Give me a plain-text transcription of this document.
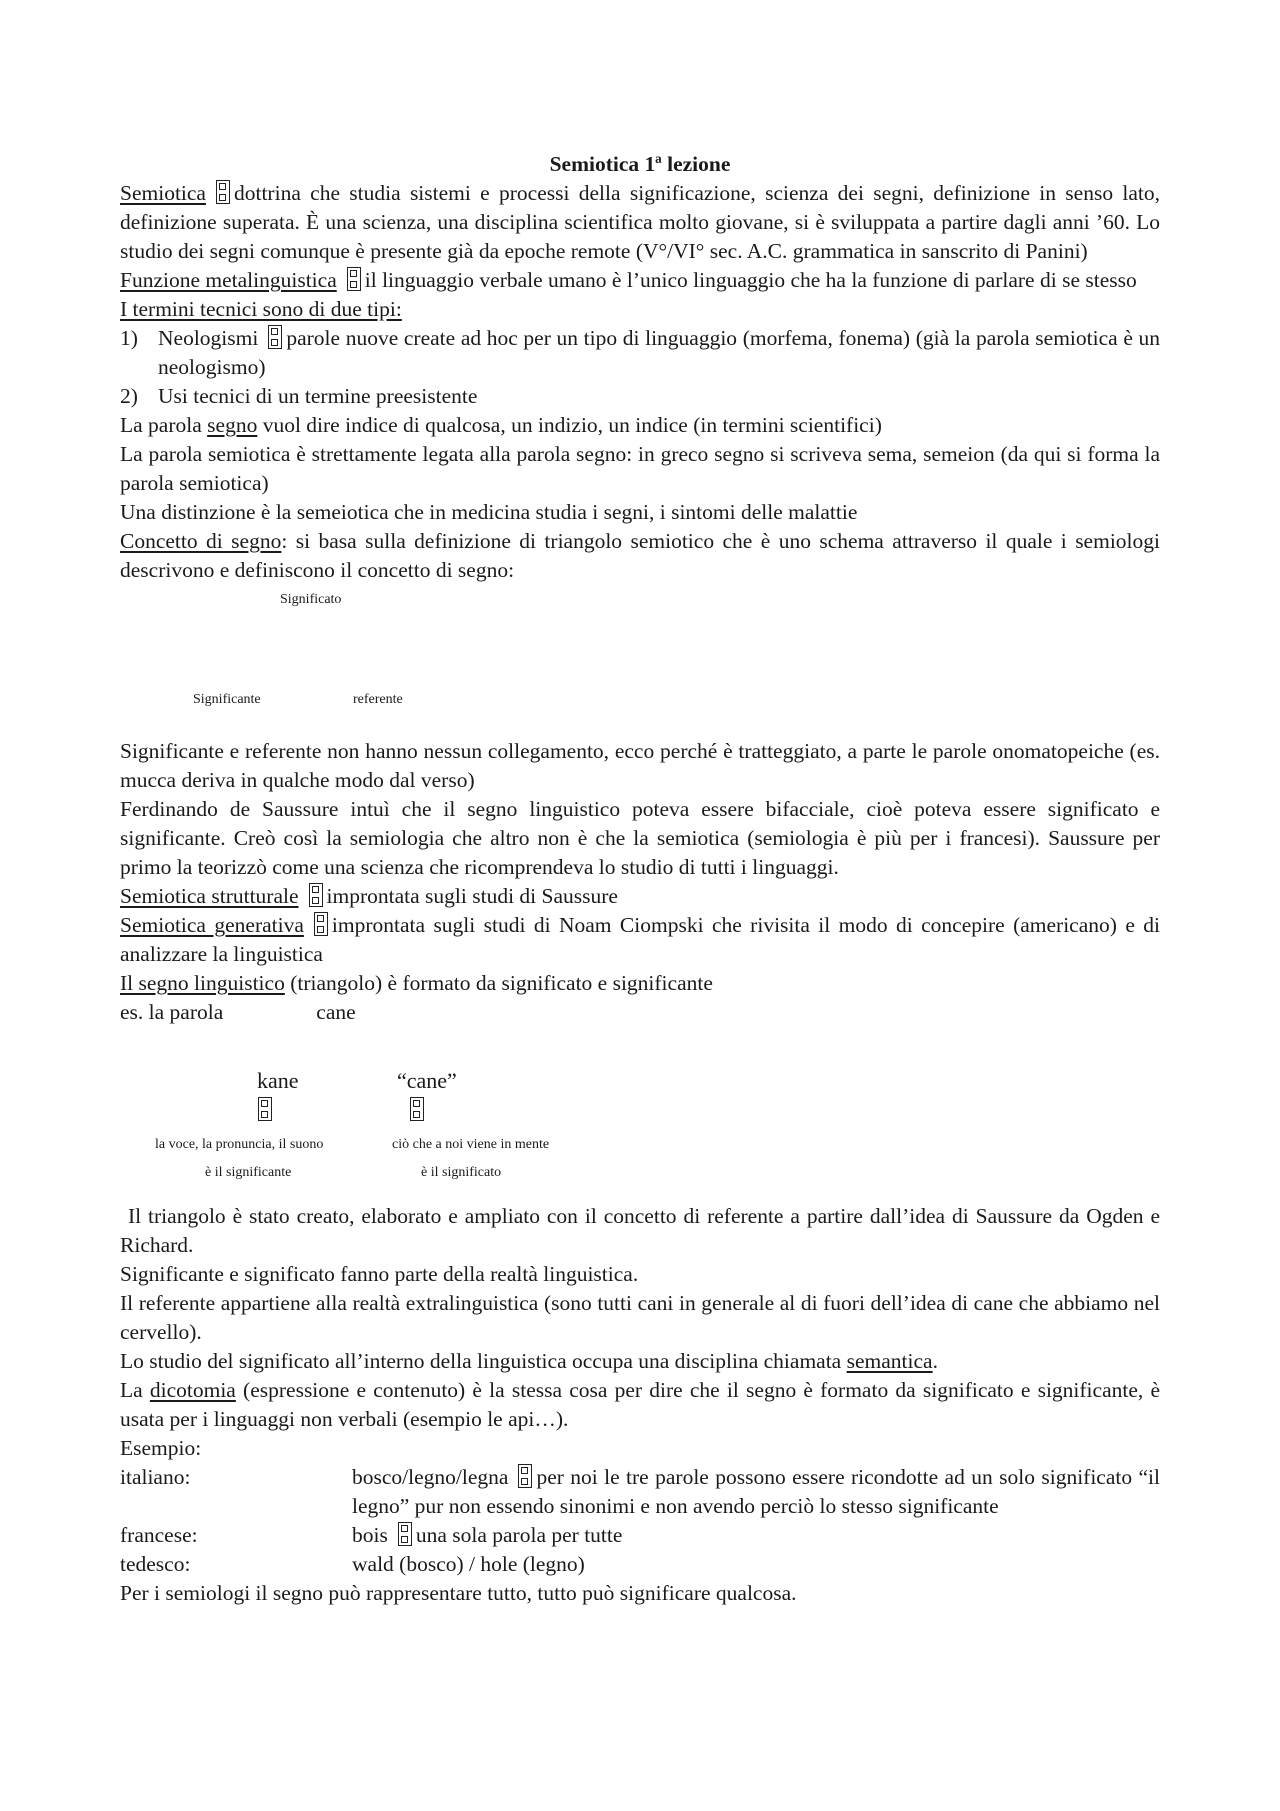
Semiotica 1ª lezione

Semiotica dottrina che studia sistemi e processi della significazione, scienza dei segni, definizione in senso lato, definizione superata. È una scienza, una disciplina scientifica molto giovane, si è sviluppata a partire dagli anni ’60. Lo studio dei segni comunque è presente già da epoche remote (V°/VI° sec. A.C. grammatica in sanscrito di Panini)

Funzione metalinguistica il linguaggio verbale umano è l’unico linguaggio che ha la funzione di parlare di se stesso

I termini tecnici sono di due tipi:

1) Neologismi parole nuove create ad hoc per un tipo di linguaggio (morfema, fonema) (già la parola semiotica è un neologismo)
2) Usi tecnici di un termine preesistente

La parola segno vuol dire indice di qualcosa, un indizio, un indice (in termini scientifici)

La parola semiotica è strettamente legata alla parola segno: in greco segno si scriveva sema, semeion (da qui si forma la parola semiotica)

Una distinzione è la semeiotica che in medicina studia i segni, i sintomi delle malattie

Concetto di segno: si basa sulla definizione di triangolo semiotico che è uno schema attraverso il quale i semiologi descrivono e definiscono il concetto di segno:

Significato
Significante	referente

Significante e referente non hanno nessun collegamento, ecco perché è tratteggiato, a parte le parole onomatopeiche (es. mucca deriva in qualche modo dal verso)

Ferdinando de Saussure intuì che il segno linguistico poteva essere bifacciale, cioè poteva essere significato e significante. Creò così la semiologia che altro non è che la semiotica (semiologia è più per i francesi). Saussure per primo la teorizzò come una scienza che ricomprendeva lo studio di tutti i linguaggi.

Semiotica strutturale improntata sugli studi di Saussure

Semiotica generativa improntata sugli studi di Noam Ciompski che rivisita il modo di concepire (americano) e di analizzare la linguistica

Il segno linguistico (triangolo) è formato da significato e significante

es. la parola	cane

kane	“cane”
la voce, la pronuncia, il suono	ciò che a noi viene in mente
è il significante	è il significato

Il triangolo è stato creato, elaborato e ampliato con il concetto di referente a partire dall’idea di Saussure da Ogden e Richard.

Significante e significato fanno parte della realtà linguistica.

Il referente appartiene alla realtà extralinguistica (sono tutti cani in generale al di fuori dell’idea di cane che abbiamo nel cervello).

Lo studio del significato all’interno della linguistica occupa una disciplina chiamata semantica.

La dicotomia (espressione e contenuto) è la stessa cosa per dire che il segno è formato da significato e significante, è usata per i linguaggi non verbali (esempio le api…).

Esempio:

italiano:	bosco/legno/legna per noi le tre parole possono essere ricondotte ad un solo significato “il legno” pur non essendo sinonimi e non avendo perciò lo stesso significante
francese:	bois una sola parola per tutte
tedesco:	wald (bosco) / hole (legno)

Per i semiologi il segno può rappresentare tutto, tutto può significare qualcosa.
